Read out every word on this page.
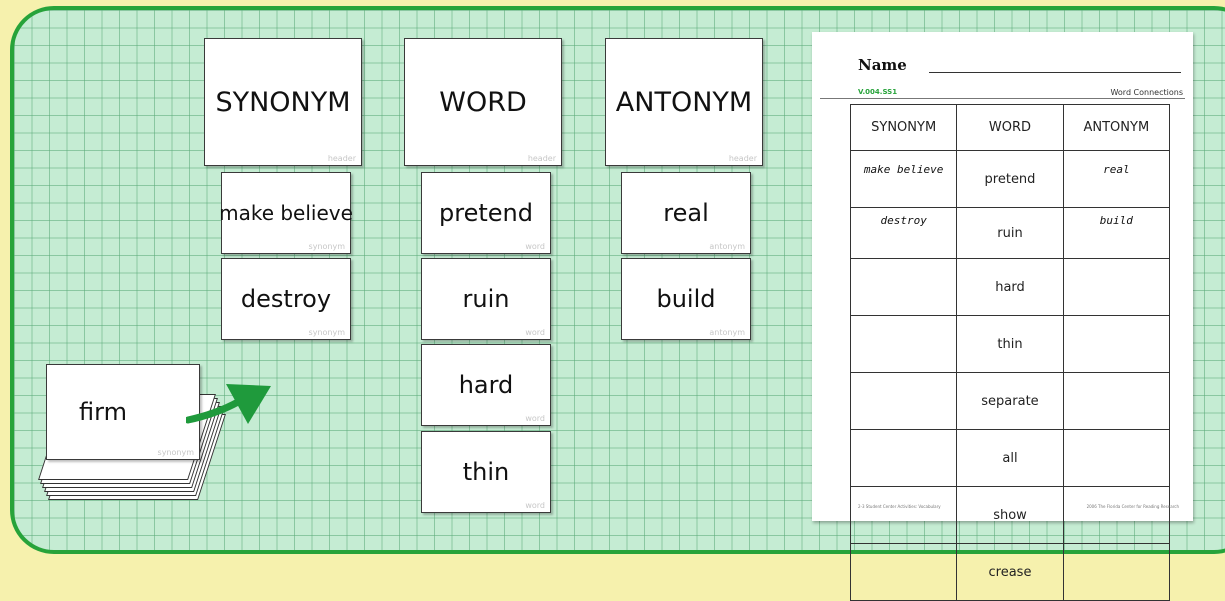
SYNONYM
header
WORD
header
ANTONYM
header
make believe
synonym
destroy
synonym
pretend
word
ruin
word
hard
word
thin
word
real
antonym
build
antonym
firm
synonym
Name
V.004.SS1	Word Connections
SYNONYM	WORD	ANTONYM
make believe	pretend	real
destroy	ruin	build
	hard	
	thin	
	separate	
	all	
	show	
	crease	
2-3 Student Center Activities: Vocabulary	2006 The Florida Center for Reading Research
